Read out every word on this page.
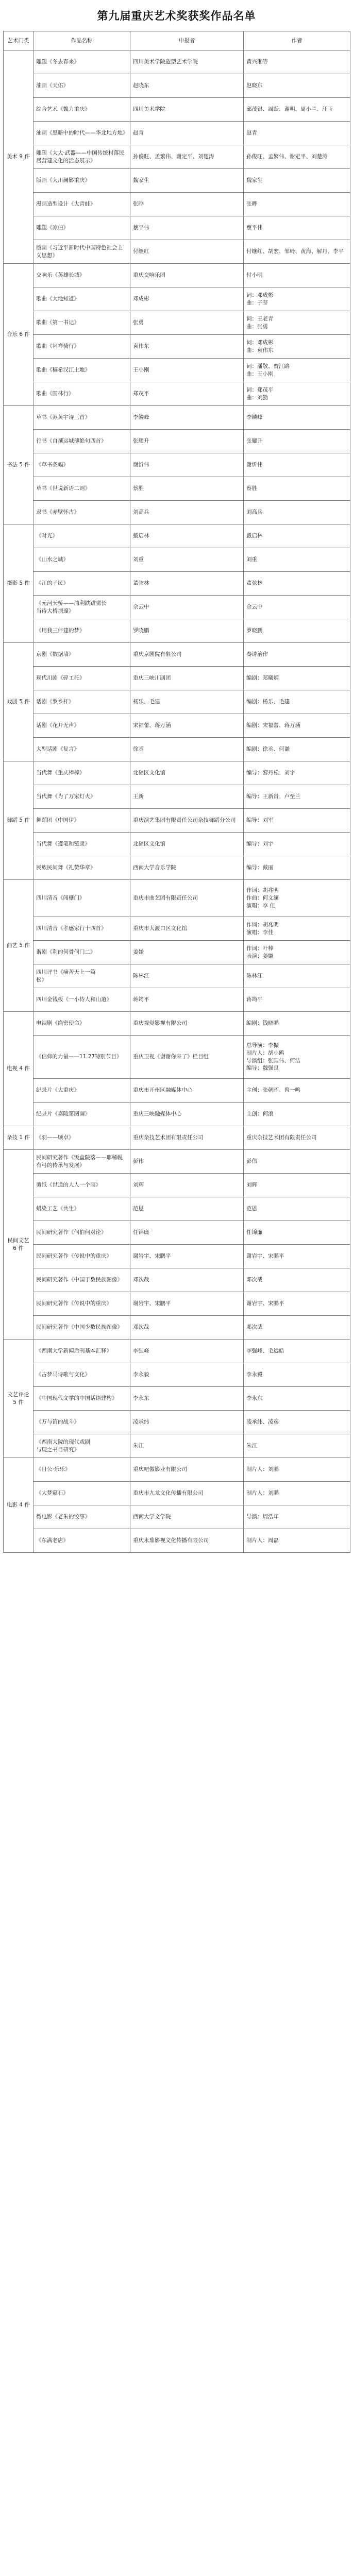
第九届重庆艺术奖获奖作品名单
艺术门类	作品名称	申报者	作者
美术 9 件	雕塑《冬去春来》	四川美术学院造型艺术学院	黄兴湘等
	油画《天佑》	赵晓东	赵晓东
	综合艺术《魏力重庆》	四川美术学院	邱茂银、周跃、谢明、周小兰、汪玉
	油画《黑暗中的时代——华北地方地》	赵青	赵青
	雕塑《大大·武器——中国传统村落民居营建文化的活态展示》	孙俊旺、孟繁伟、谢定平、刘楚涛	孙俊旺、孟繁伟、谢定平、刘楚涛
	版画《大川澜影重庆》	魏家生	魏家生
	漫画造型设计《大青蛙》	张晔	张晔
	雕塑《凉伯》	蔡平伟	蔡平伟
	版画《习近平新时代中国特色社会主义思想》	付继红	付继红、胡宏、邹岭、黄海、解丹、李平
音乐 6 件	交响乐《英雄长城》	重庆交响乐团	付小明
	歌曲《大地知道》	邓成彬	词：邓成彬
曲：子芽
	歌曲《第一书记》	张勇	词：王老青
曲：张勇
	歌曲《祠祥骑行》	袁伟东	词：邓成彬
曲：袁伟东
	歌曲《稿希汉江土地》	王小刚	词：潘敬、贾江路
曲：王小刚
	歌曲《围林行》	郑茂平	词：郑茂平
曲：刘勤
书法 5 件	草书《苏黄宇诗三首》	李鳞峰	李鳞峰
	行书《自撰运城薄绝句四首》	张耀升	张耀升
	《草书条幅》	谢忻伟	谢忻伟
	草书《世说新语二则》	蔡胜	蔡胜
	隶书《赤壁怀古》	刘高兵	刘高兵
摄影 5 件	《时光》	戴启林	戴启林
	《山水之城》	刘重	刘重
	《江的子民》	董弦林	董弦林
	《元河天桥——浦利跌跋骡长
当待大桥坝邃》	佘云中	佘云中
	《用我三伴建的梦》	罗晓鹏	罗晓鹏
戏剧 5 件	京剧《数据墙》	重庆京剧院有限公司	秦诗治作
	现代川剧《碎工托》	重庆三峡川剧团	编剧：郑曦炳
	话剧《罗乡杆》	杨乐、毛建	编剧：杨乐、毛建
	话剧《花开无声》	宋福蕾、蒋万涵	编剧：宋福蕾、蒋万涵
	大型话剧《复言》	徐丞	编剧：徐丞、何谦
舞蹈 5 件	当代舞《重庆棒棒》	北碚区文化馆	编导：黎丹松、刘宇
	当代舞《为了万家灯火》	王新	编导：王新贵、卢至兰
	舞蹈团《中国伊》	重庆演艺集团有限责任公司杂技舞蹈分公司	编导：刘军
	当代舞《遵笔和链隶》	北碚区文化馆	编导：刘宇
	民族民间舞《礼赞华章》	西南大学音乐学院	编导：戴丽
曲艺 5 件	四川清音《闯栅门》	重庆市曲艺团有限责任公司	作词：胡兆明
作曲：何文澜
演唱：李 佳
	四川清音《孝感家行十四首》	重庆市大渡口区文化馆	作词：胡兆明
演唱：李佳
	谐剧《利的何骨何门二》	姜嫌	作词：叶棒
表演：姜嫌
	四川评书《痛苦天上一篇
松》	陈林江	陈林江
	四川金钱板《一小侍人和山道》	蒋筠平	蒋筠平
电视 4 件	电视剧《绝密使命》	重庆视觉影视有限公司	编剧：钱晓鹏
	《信仰的力量——11.27特别节目》	重庆卫视《谢谢你来了》栏目组	总导演：李振
制片人：胡小鸥
导演组：张国伟、何洁
编导：魏强良
	纪录片《大重庆》	重庆市开州区融媒体中心	主创：张朝晖、曾一鸣
	纪录片《嘉陵第图画》	重庆三峡融媒体中心	主创：何浪
杂技 1 件	《羽——顾卓》	重庆杂技艺术团有限责任公司	重庆杂技艺术团有限责任公司
民间文艺 6 件	民间研究著作《饭盒院落——耶稀幌有弓的传承与发展》	彭伟	彭伟
	剪纸《世道的人人一个画》	刘辉	刘辉
	蜡染工艺《共生》	范恩	范恩
	民间研究著作《何伯何对论》	任锦廉	任锦廉
	民间研究著作《传说中的重庆》	谢岩宇、宋鹏平	谢岩宇、宋鹏平
	民间研究著作《中国于数民族图像》	邓次哉	邓次哉
	民间研究著作《传说中的重庆》	谢岩宇、宋鹏平	谢岩宇、宋鹏平
	民间研究著作《中国少数民族图像》	邓次哉	邓次哉
文艺评论 5 件	《西南大学新闻后刊基本汇释》	李强峰	李强峰、毛远皓
	《古梦马诗歌与文化》	李永毅	李永毅
	《中国现代文学的中国话语建构》	李永东	李永东
	《万与笛的战斗》	凌承纬	凌承纬、凌彦
	《西南大院的现代戏剧
与现之书目研究》	朱江	朱江
电影 4 件	《日公·乐乐》	重庆吧傲影业有限公司	制片人：刘鹏
	《大梦窥石》	重庆市九龙文化传播有限公司	制片人：刘鹏
	微电影《老朱的饺事》	西南大学文学院	导演：周浩年
	《东满老店》	重庆永鼎影视文化传播有限公司	制片人：周磊
